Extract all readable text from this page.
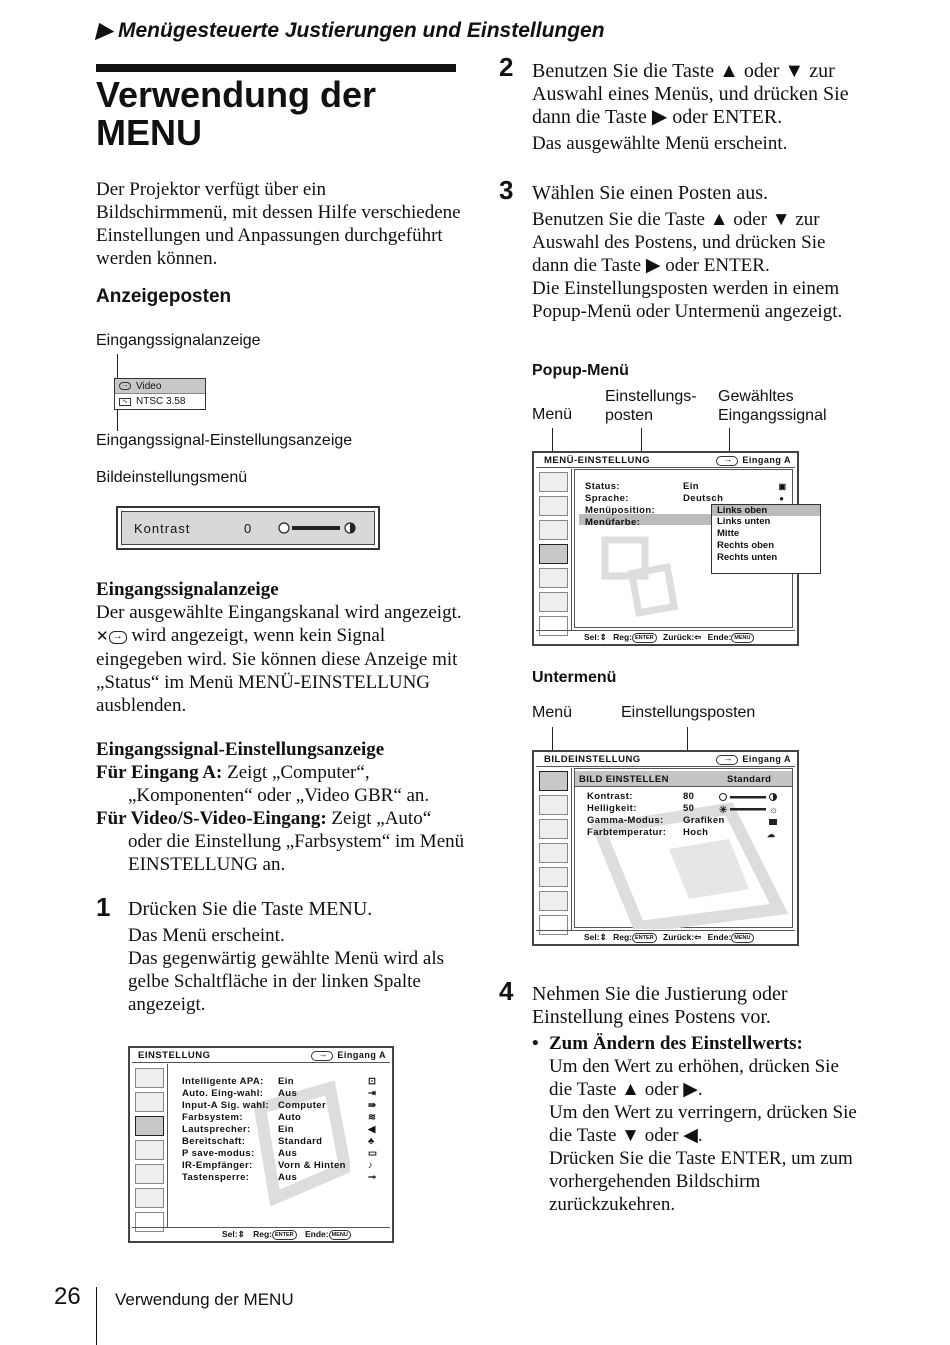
▶ Menügesteuerte Justierungen und Einstellungen
Verwendung der
MENU
Der Projektor verfügt über ein Bildschirmmenü, mit dessen Hilfe verschiedene Einstellungen und Anpassungen durchgeführt werden können.
Anzeigeposten
Eingangssignalanzeige
→ Video
∿ NTSC 3.58
Eingangssignal-Einstellungsanzeige
Bildeinstellungsmenü
Kontrast	0
Eingangssignalanzeige
Der ausgewählte Eingangskanal wird angezeigt. ✕ → wird angezeigt, wenn kein Signal eingegeben wird. Sie können diese Anzeige mit „Status“ im Menü MENÜ-EINSTELLUNG ausblenden.
Eingangssignal-Einstellungsanzeige
Für Eingang A: Zeigt „Computer“, „Komponenten“ oder „Video GBR“ an.
Für Video/S-Video-Eingang: Zeigt „Auto“ oder die Einstellung „Farbsystem“ im Menü EINSTELLUNG an.
1 Drücken Sie die Taste MENU.
Das Menü erscheint.
Das gegenwärtig gewählte Menü wird als gelbe Schaltfläche in der linken Spalte angezeigt.
EINSTELLUNG →	Eingang A
Intelligente APA: Ein	⊡
Auto. Eing-wahl: Aus	⇥
Input-A Sig. wahl: Computer	⇛
Farbsystem:	Auto	≋
Lautsprecher:	Ein	◀
Bereitschaft:	Standard	♣
P save-modus: Aus	▭
IR-Empfänger:	Vorn & Hinten ♪
Tastensperre:	Aus	⊸
Sel:⇕ Reg: ENTER Ende: MENU
2 Benutzen Sie die Taste ▲ oder ▼ zur Auswahl eines Menüs, und drücken Sie dann die Taste ▶ oder ENTER.
Das ausgewählte Menü erscheint.
3 Wählen Sie einen Posten aus.
Benutzen Sie die Taste ▲ oder ▼ zur Auswahl des Postens, und drücken Sie dann die Taste ▶ oder ENTER.
Die Einstellungsposten werden in einem Popup-Menü oder Untermenü angezeigt.
Popup-Menü
Menü
Einstellungs-
posten
Gewähltes
Eingangssignal
MENÜ-EINSTELLUNG →	Eingang A
Status:	Ein
Sprache:	Deutsch
Menüposition:
Menüfarbe:
Links oben
Links unten
Mitte
Rechts oben
Rechts unten
▣
●
Sel:⇕ Reg: ENTER Zurück:⇦ Ende: MENU
Untermenü
Menü	Einstellungsposten
BILDEINSTELLUNG →	Eingang A
BILD EINSTELLEN	Standard
Kontrast:	80
Helligkeit:	50
Gamma-Modus: Grafiken
Farbtemperatur: Hoch
✳	☼
☁
Sel:⇕ Reg: ENTER Zurück:⇦ Ende: MENU
4 Nehmen Sie die Justierung oder Einstellung eines Postens vor.
• Zum Ändern des Einstellwerts:
Um den Wert zu erhöhen, drücken Sie die Taste ▲ oder ▶.
Um den Wert zu verringern, drücken Sie die Taste ▼ oder ◀.
Drücken Sie die Taste ENTER, um zum vorhergehenden Bildschirm zurückzukehren.
26 Verwendung der MENU
